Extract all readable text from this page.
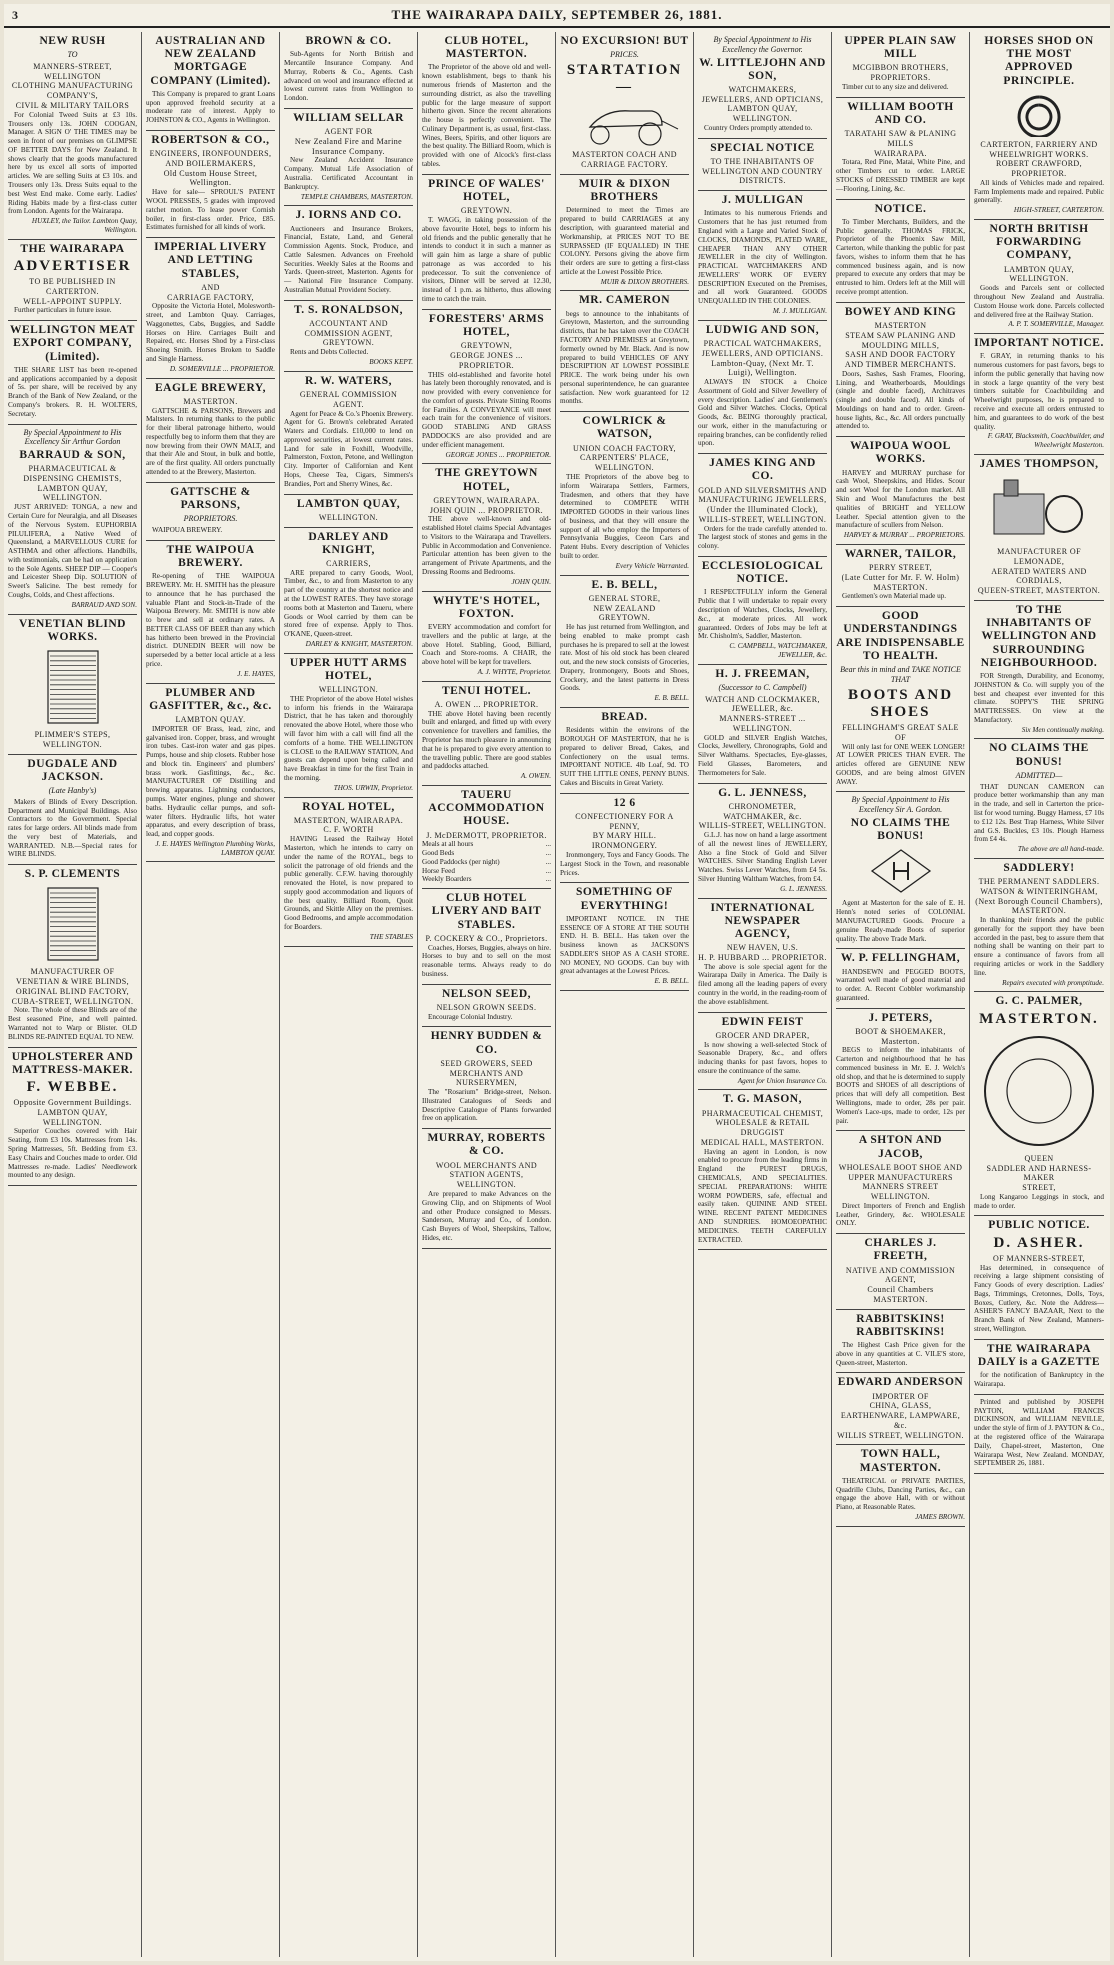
3	THE WAIRARAPA DAILY, SEPTEMBER 26, 1881.
NEW RUSH
TO
MANNERS-STREET,
WELLINGTON
CLOTHING MANUFACTURING COMPANY'S,
CIVIL & MILITARY TAILORS

For Colonial Tweed Suits at £3 10s. Trousers only 13s. JOHN COOGAN, Manager. A SIGN O' THE TIMES may be seen in front of our premises on GLIMPSE OF BETTER DAYS for New Zealand. It shows clearly that the goods manufactured here by us excel all sorts of imported articles. We are selling Suits at £3 10s. and Trousers only 13s. Dress Suits equal to the best West End make. Come early. Ladies' Riding Habits made by a first-class cutter from London. Agents for the Wairarapa.

HUXLEY, the Tailor. Lambton Quay, Wellington.
THE WAIRARAPA
ADVERTISER
TO BE PUBLISHED IN CARTERTON.
WELL-APPOINT SUPPLY.

Further particulars in future issue.

WELLINGTON MEAT EXPORT COMPANY, (Limited).

THE SHARE LIST has been re-opened and applications accompanied by a deposit of 5s. per share, will be received by any Branch of the Bank of New Zealand, or the Company's brokers. R. H. WOLTERS, Secretary.

By Special Appointment to His Excellency Sir Arthur Gordon
BARRAUD & SON,
PHARMACEUTICAL & DISPENSING CHEMISTS,
LAMBTON QUAY, WELLINGTON.

JUST ARRIVED: TONGA, a new and Certain Cure for Neuralgia, and all Diseases of the Nervous System. EUPHORBIA PILULIFERA, a Native Weed of Queensland, a MARVELLOUS CURE for ASTHMA and other affections. Handbills, with testimonials, can be had on application to the Sole Agents. SHEEP DIP — Cooper's and Leicester Sheep Dip. SOLUTION of Sweet's Salicine. The best remedy for Coughs, Colds, and Chest affections.

BARRAUD AND SON.
VENETIAN BLIND WORKS.
PLIMMER'S STEPS, WELLINGTON.
DUGDALE AND JACKSON.
(Late Hanby's)

Makers of Blinds of Every Description. Department and Municipal Buildings. Also Contractors to the Government. Special rates for large orders. All blinds made from the very best of Materials, and WARRANTED. N.B.—Special rates for WIRE BLINDS.

S. P. CLEMENTS
MANUFACTURER OF
VENETIAN & WIRE BLINDS,
ORIGINAL BLIND FACTORY, CUBA-STREET, WELLINGTON.

Note. The whole of these Blinds are of the Best seasoned Pine, and well painted. Warranted not to Warp or Blister. OLD BLINDS RE-PAINTED EQUAL TO NEW.

UPHOLSTERER AND MATTRESS-MAKER.
F. WEBBE.
Opposite Government Buildings. LAMBTON QUAY, WELLINGTON.

Superior Couches covered with Hair Seating, from £3 10s. Mattresses from 14s. Spring Mattresses, 5ft. Bedding from £3. Easy Chairs and Couches made to order. Old Mattresses re-made. Ladies' Needlework mounted to any design.

AUSTRALIAN AND NEW ZEALAND MORTGAGE COMPANY (Limited).

This Company is prepared to grant Loans upon approved freehold security at a moderate rate of interest. Apply to JOHNSTON & CO., Agents in Wellington.

ROBERTSON & CO.,
ENGINEERS, IRONFOUNDERS, AND BOILERMAKERS,
Old Custom House Street, Wellington.

Have for sale— SPROUL'S PATENT WOOL PRESSES, 5 grades with improved ratchet motion. To lease power Cornish boiler, in first-class order. Price, £85. Estimates furnished for all kinds of work.

IMPERIAL LIVERY AND LETTING STABLES,
AND
CARRIAGE FACTORY,

Opposite the Victoria Hotel, Molesworth-street, and Lambton Quay. Carriages, Waggonettes, Cabs, Buggies, and Saddle Horses on Hire. Carriages Built and Repaired, etc. Horses Shod by a First-class Shoeing Smith. Horses Broken to Saddle and Single Harness.

D. SOMERVILLE ... PROPRIETOR.
EAGLE BREWERY,
MASTERTON.

GATTSCHE & PARSONS, Brewers and Maltsters. In returning thanks to the public for their liberal patronage hitherto, would respectfully beg to inform them that they are now brewing from their OWN MALT, and that their Ale and Stout, in bulk and bottle, are of the first quality. All orders punctually attended to at the Brewery, Masterton.

GATTSCHE & PARSONS,
PROPRIETORS.

WAIPOUA BREWERY.

THE WAIPOUA BREWERY.

Re-opening of THE WAIPOUA BREWERY. Mr. H. SMITH has the pleasure to announce that he has purchased the valuable Plant and Stock-in-Trade of the Waipoua Brewery. Mr. SMITH is now able to brew and sell at ordinary rates. A BETTER CLASS OF BEER than any which has hitherto been brewed in the Provincial district. DUNEDIN BEER will now be superseded by a better local article at a less price.

J. E. HAYES,
PLUMBER AND GASFITTER, &c., &c.
LAMBTON QUAY.

IMPORTER OF Brass, lead, zinc, and galvanised iron. Copper, brass, and wrought iron tubes. Cast-iron water and gas pipes. Pumps, house and ship closets. Rubber hose and block tin. Engineers' and plumbers' brass work. Gasfittings, &c., &c. MANUFACTURER OF Distilling and brewing apparatus. Lightning conductors, pumps. Water engines, plunge and shower baths. Hydraulic cellar pumps, and soft-water filters. Hydraulic lifts, hot water apparatus, and every description of brass, lead, and copper goods.

J. E. HAYES Wellington Plumbing Works, LAMBTON QUAY.
BROWN & CO.

Sub-Agents for North British and Mercantile Insurance Company. And Murray, Roberts & Co., Agents. Cash advanced on wool and insurance effected at lowest current rates from Wellington to London.

WILLIAM SELLAR
AGENT FOR
New Zealand Fire and Marine Insurance Company.

New Zealand Accident Insurance Company. Mutual Life Association of Australia. Certificated Accountant in Bankruptcy.

TEMPLE CHAMBERS, MASTERTON.
J. IORNS AND CO.

Auctioneers and Insurance Brokers, Financial, Estate, Land, and General Commission Agents. Stock, Produce, and Cattle Salesmen. Advances on Freehold Securities. Weekly Sales at the Rooms and Yards. Queen-street, Masterton. Agents for— National Fire Insurance Company. Australian Mutual Provident Society.

T. S. RONALDSON,
ACCOUNTANT AND COMMISSION AGENT,
GREYTOWN.

Rents and Debts Collected.

BOOKS KEPT.
R. W. WATERS,
GENERAL COMMISSION AGENT.

Agent for Peace & Co.'s Phoenix Brewery. Agent for G. Brown's celebrated Aerated Waters and Cordials. £10,000 to lend on approved securities, at lowest current rates. Land for sale in Foxhill, Woodville, Palmerston, Foxton, Petone, and Wellington City. Importer of Californian and Kent Hops, Cheese Tea, Cigars, Simmers's Brandies, Port and Sherry Wines, &c.

LAMBTON QUAY,
WELLINGTON.
DARLEY AND KNIGHT,
CARRIERS,

ARE prepared to carry Goods, Wool, Timber, &c., to and from Masterton to any part of the country at the shortest notice and at the LOWEST RATES. They have storage rooms both at Masterton and Taueru, where Goods or Wool carried by them can be stored free of expense. Apply to Thos. O'KANE, Queen-street.

DARLEY & KNIGHT, MASTERTON.
UPPER HUTT ARMS HOTEL,
WELLINGTON.

THE Proprietor of the above Hotel wishes to inform his friends in the Wairarapa District, that he has taken and thoroughly renovated the above Hotel, where those who will favor him with a call will find all the comforts of a home. THE WELLINGTON is CLOSE to the RAILWAY STATION, And guests can depend upon being called and have Breakfast in time for the first Train in the morning.

THOS. URWIN, Proprietor.
ROYAL HOTEL,
MASTERTON, WAIRARAPA.
C. F. WORTH

HAVING Leased the Railway Hotel Masterton, which he intends to carry on under the name of the ROYAL, begs to solicit the patronage of old friends and the public generally. C.F.W. having thoroughly renovated the Hotel, is now prepared to supply good accommodation and liquors of the best quality. Billiard Room, Quoit Grounds, and Skittle Alley on the premises. Good Bedrooms, and ample accommodation for Boarders.

THE STABLES
CLUB HOTEL, MASTERTON.

The Proprietor of the above old and well-known establishment, begs to thank his numerous friends of Masterton and the surrounding district, as also the travelling public for the large measure of support hitherto given. Since the recent alterations the house is perfectly convenient. The Culinary Department is, as usual, first-class. Wines, Beers, Spirits, and other liquors are the best quality. The Billiard Room, which is provided with one of Alcock's first-class tables.

PRINCE OF WALES' HOTEL,
GREYTOWN.

T. WAGG, in taking possession of the above favourite Hotel, begs to inform his old friends and the public generally that he intends to conduct it in such a manner as will gain him as large a share of public patronage as was accorded to his predecessor. To suit the convenience of visitors, Dinner will be served at 12.30, instead of 1 p.m. as hitherto, thus allowing time to catch the train.

FORESTERS' ARMS HOTEL,
GREYTOWN,
GEORGE JONES ... PROPRIETOR.

THIS old-established and favorite hotel has lately been thoroughly renovated, and is now provided with every convenience for the comfort of guests. Private Sitting Rooms for Families. A CONVEYANCE will meet each train for the convenience of visitors. GOOD STABLING AND GRASS PADDOCKS are also provided and are under efficient management.

GEORGE JONES ... PROPRIETOR.
THE GREYTOWN HOTEL,
GREYTOWN, WAIRARAPA.
JOHN QUIN ... PROPRIETOR.

THE above well-known and old-established Hotel claims Special Advantages to Visitors to the Wairarapa and Travellers. Public in Accommodation and Convenience. Particular attention has been given to the arrangement of Private Apartments, and the Dressing Rooms and Bedrooms.

JOHN QUIN.
WHYTE'S HOTEL, FOXTON.

EVERY accommodation and comfort for travellers and the public at large, at the above Hotel. Stabling, Good, Billiard, Coach and Store-rooms. A CHAIR, the above hotel will be kept for travellers.

A. J. WHYTE, Proprietor.
TENUI HOTEL.
A. OWEN ... PROPRIETOR.

THE above Hotel having been recently built and enlarged, and fitted up with every convenience for travellers and families, the Proprietor has much pleasure in announcing that he is prepared to give every attention to the travelling public. There are good stables and paddocks attached.

A. OWEN.
TAUERU ACCOMMODATION HOUSE.
J. McDERMOTT, PROPRIETOR.
Meals at all hours	...
Good Beds	...
Good Paddocks (per night)	...
Horse Feed	...
Weekly Boarders	...
CLUB HOTEL LIVERY AND BAIT STABLES.
P. COCKERY & CO., Proprietors.

Coaches, Horses, Buggies, always on hire. Horses to buy and to sell on the most reasonable terms. Always ready to do business.

NELSON SEED,
NELSON GROWN SEEDS.

Encourage Colonial Industry.

HENRY BUDDEN & CO.
SEED GROWERS, SEED MERCHANTS AND NURSERYMEN,

The "Rosarium" Bridge-street, Nelson. Illustrated Catalogues of Seeds and Descriptive Catalogue of Plants forwarded free on application.

MURRAY, ROBERTS & CO.
WOOL MERCHANTS AND STATION AGENTS,
WELLINGTON.

Are prepared to make Advances on the Growing Clip, and on Shipments of Wool and other Produce consigned to Messrs. Sanderson, Murray and Co., of London. Cash Buyers of Wool, Sheepskins, Tallow, Hides, etc.

NO EXCURSION! BUT
PRICES.
STARTATION—
MASTERTON COACH AND CARRIAGE FACTORY.
MUIR & DIXON BROTHERS

Determined to meet the Times are prepared to build CARRIAGES at any description, with guaranteed material and Workmanship, at PRICES NOT TO BE SURPASSED (IF EQUALLED) IN THE COLONY. Persons giving the above firm their orders are sure to getting a first-class article at the Lowest Possible Price.

MUIR & DIXON BROTHERS.
MR. CAMERON

begs to announce to the inhabitants of Greytown, Masterton, and the surrounding districts, that he has taken over the COACH FACTORY AND PREMISES at Greytown, formerly owned by Mr. Black. And is now prepared to build VEHICLES OF ANY DESCRIPTION AT LOWEST POSSIBLE PRICE. The work being under his own personal superintendence, he can guarantee satisfaction. New work guaranteed for 12 months.

COWLRICK & WATSON,
UNION COACH FACTORY,
CARPENTERS' PLACE, WELLINGTON.

THE Proprietors of the above beg to inform Wairarapa Settlers, Farmers, Tradesmen, and others that they have determined to COMPETE WITH IMPORTED GOODS in their various lines of business, and that they will ensure the support of all who employ the Importers of Pennsylvania Buggies, Ceeon Cars and Patent Hubs. Every description of Vehicles built to order.

Every Vehicle Warranted.
E. B. BELL,
GENERAL STORE,
NEW ZEALAND
GREYTOWN.

He has just returned from Wellington, and being enabled to make prompt cash purchases he is prepared to sell at the lowest rate. Most of his old stock has been cleared out, and the new stock consists of Groceries, Drapery, Ironmongery, Boots and Shoes, Crockery, and the latest patterns in Dress Goods.

E. B. BELL.
BREAD.

Residents within the environs of the BOROUGH OF MASTERTON, that he is prepared to deliver Bread, Cakes, and Confectionery on the usual terms. IMPORTANT NOTICE. 4lb Loaf, 9d. TO SUIT THE LITTLE ONES, PENNY BUNS. Cakes and Biscuits in Great Variety.

12 6
CONFECTIONERY FOR A PENNY,
BY MARY HILL.
IRONMONGERY.

Ironmongery, Toys and Fancy Goods. The Largest Stock in the Town, and reasonable Prices.

SOMETHING OF EVERYTHING!

IMPORTANT NOTICE. IN THE ESSENCE OF A STORE AT THE SOUTH END. H. B. BELL. Has taken over the business known as JACKSON'S SADDLER'S SHOP AS A CASH STORE. NO MONEY, NO GOODS. Can buy with great advantages at the Lowest Prices.

E. B. BELL.
By Special Appointment to His Excellency the Governor.
W. LITTLEJOHN AND SON,
WATCHMAKERS,
JEWELLERS, AND OPTICIANS,
LAMBTON QUAY, WELLINGTON.

Country Orders promptly attended to.

SPECIAL NOTICE
TO THE INHABITANTS OF WELLINGTON AND COUNTRY DISTRICTS.
J. MULLIGAN

Intimates to his numerous Friends and Customers that he has just returned from England with a Large and Varied Stock of CLOCKS, DIAMONDS, PLATED WARE, CHEAPER THAN ANY OTHER JEWELLER in the city of Wellington. PRACTICAL WATCHMAKERS AND JEWELLERS' WORK OF EVERY DESCRIPTION Executed on the Premises, and all work Guaranteed. GOODS UNEQUALLED IN THE COLONIES.

M. J. MULLIGAN.
LUDWIG AND SON,
PRACTICAL WATCHMAKERS, JEWELLERS, AND OPTICIANS.
Lambton-Quay, (Next Mr. T. Luigi), Wellington.

ALWAYS IN STOCK a Choice Assortment of Gold and Silver Jewellery of every description. Ladies' and Gentlemen's Gold and Silver Watches. Clocks, Optical Goods, &c. BEING thoroughly practical, our work, either in the manufacturing or repairing branches, can be confidently relied upon.

JAMES KING AND CO.
GOLD AND SILVERSMITHS AND MANUFACTURING JEWELLERS,
(Under the Illuminated Clock), WILLIS-STREET, WELLINGTON.

Orders for the trade carefully attended to. The largest stock of stones and gems in the colony.

ECCLESIOLOGICAL NOTICE.

I RESPECTFULLY inform the General Public that I will undertake to repair every description of Watches, Clocks, Jewellery, &c., at moderate prices. All work guaranteed. Orders of Jobs may be left at Mr. Chisholm's, Saddler, Masterton.

C. CAMPBELL, WATCHMAKER, JEWELLER, &c.
H. J. FREEMAN,
(Successor to C. Campbell)
WATCH AND CLOCKMAKER, JEWELLER, &c.
MANNERS-STREET ... WELLINGTON.

GOLD and SILVER English Watches, Clocks, Jewellery, Chronographs, Gold and Silver Walthams. Spectacles, Eye-glasses, Field Glasses, Barometers, and Thermometers for Sale.

G. L. JENNESS,
CHRONOMETER, WATCHMAKER, &c.
WILLIS-STREET, WELLINGTON.

G.L.J. has now on hand a large assortment of all the newest lines of JEWELLERY, Also a fine Stock of Gold and Silver WATCHES. Silver Standing English Lever Watches. Swiss Lever Watches, from £4 5s. Silver Hunting Waltham Watches, from £4.

G. L. JENNESS.
INTERNATIONAL NEWSPAPER AGENCY,
NEW HAVEN, U.S.
H. P. HUBBARD ... PROPRIETOR.

The above is sole special agent for the Wairarapa Daily in America. The Daily is filed among all the leading papers of every country in the world, in the reading-room of the above establishment.

EDWIN FEIST
GROCER AND DRAPER,

Is now showing a well-selected Stock of Seasonable Drapery, &c., and offers inducing thanks for past favors, hopes to ensure the continuance of the same.

Agent for Union Insurance Co.
T. G. MASON,
PHARMACEUTICAL CHEMIST, WHOLESALE & RETAIL DRUGGIST
MEDICAL HALL, MASTERTON.

Having an agent in London, is now enabled to procure from the leading firms in England the PUREST DRUGS, CHEMICALS, AND SPECIALITIES. SPECIAL PREPARATIONS: WHITE WORM POWDERS, safe, effectual and easily taken. QUININE AND STEEL WINE. RECENT PATENT MEDICINES AND SUNDRIES. HOMOEOPATHIC MEDICINES. TEETH CAREFULLY EXTRACTED.

UPPER PLAIN SAW MILL
MCGIBBON BROTHERS,
PROPRIETORS.

Timber cut to any size and delivered.

WILLIAM BOOTH AND CO.
TARATAHI SAW & PLANING MILLS
WAIRARAPA.

Totara, Red Pine, Matai, White Pine, and other Timbers cut to order. LARGE STOCKS of DRESSED TIMBER are kept—Flooring, Lining, &c.

NOTICE.

To Timber Merchants, Builders, and the Public generally. THOMAS FRICK, Proprietor of the Phoenix Saw Mill, Carterton, while thanking the public for past favors, wishes to inform them that he has commenced business again, and is now prepared to execute any orders that may be entrusted to him. Orders left at the Mill will receive prompt attention.

BOWEY AND KING
MASTERTON
STEAM SAW PLANING AND MOULDING MILLS,
SASH AND DOOR FACTORY AND TIMBER MERCHANTS.

Doors, Sashes, Sash Frames, Flooring, Lining, and Weatherboards, Mouldings (single and double faced), Architraves (single and double faced). All kinds of Mouldings on hand and to order. Green-house lights, &c., &c. All orders punctually attended to.

WAIPOUA WOOL WORKS.

HARVEY and MURRAY purchase for cash Wool, Sheepskins, and Hides. Scour and sort Wool for the London market. All Skin and Wool Manufactures the best qualities of BRIGHT and YELLOW Leather. Special attention given to the manufacture of scullers from Nelson.

HARVEY & MURRAY ... PROPRIETORS.
WARNER, TAILOR,
PERRY STREET,
(Late Cutter for Mr. F. W. Holm)
MASTERTON.

Gentlemen's own Material made up.

GOOD UNDERSTANDINGS ARE INDISPENSABLE TO HEALTH.
Bear this in mind and TAKE NOTICE THAT
BOOTS AND SHOES
FELLINGHAM'S GREAT SALE OF

Will only last for ONE WEEK LONGER! AT LOWER PRICES THAN EVER. The articles offered are GENUINE NEW GOODS, and are being almost GIVEN AWAY.

By Special Appointment to His Excellency Sir A. Gordon.
NO CLAIMS THE BONUS!

Agent at Masterton for the sale of E. H. Henn's noted series of COLONIAL MANUFACTURED Goods. Procure a genuine Ready-made Boots of superior quality. The above Trade Mark.

W. P. FELLINGHAM,

HANDSEWN and PEGGED BOOTS, warranted well made of good material and to order. A. Recent Cobbler workmanship guaranteed.

J. PETERS,
BOOT & SHOEMAKER,
Masterton.

BEGS to inform the inhabitants of Carterton and neighbourhood that he has commenced business in Mr. E. J. Welch's old shop, and that he is determined to supply BOOTS and SHOES of all descriptions of prices that will defy all competition. Best Wellingtons, made to order, 28s per pair. Women's Lace-ups, made to order, 12s per pair.

A SHTON AND JACOB,
WHOLESALE BOOT SHOE AND UPPER MANUFACTURERS
MANNERS STREET WELLINGTON.

Direct Importers of French and English Leather, Grindery, &c. WHOLESALE ONLY.

CHARLES J. FREETH,
NATIVE AND COMMISSION AGENT,
Council Chambers
MASTERTON.
RABBITSKINS! RABBITSKINS!

The Highest Cash Price given for the above in any quantities at C. VILE'S store, Queen-street, Masterton.

EDWARD ANDERSON
IMPORTER OF
CHINA, GLASS, EARTHENWARE, LAMPWARE, &c.
WILLIS STREET, WELLINGTON.
TOWN HALL, MASTERTON.

THEATRICAL or PRIVATE PARTIES, Quadrille Clubs, Dancing Parties, &c., can engage the above Hall, with or without Piano, at Reasonable Rates.

JAMES BROWN.
HORSES SHOD ON THE MOST APPROVED PRINCIPLE.
CARTERTON, FARRIERY AND WHEELWRIGHT WORKS.
ROBERT CRAWFORD,
PROPRIETOR.

All kinds of Vehicles made and repaired. Farm Implements made and repaired. Public generally.

HIGH-STREET, CARTERTON.
NORTH BRITISH FORWARDING COMPANY,
LAMBTON QUAY, WELLINGTON.

Goods and Parcels sent or collected throughout New Zealand and Australia. Custom House work done. Parcels collected and delivered free at the Railway Station.

A. P. T. SOMERVILLE, Manager.
IMPORTANT NOTICE.

F. GRAY, in returning thanks to his numerous customers for past favors, begs to inform the public generally that having now in stock a large quantity of the very best timbers suitable for Coachbuilding and Wheelwright purposes, he is prepared to receive and execute all orders entrusted to him, and guarantees to do work of the best quality.

F. GRAY, Blacksmith, Coachbuilder, and Wheelwright Masterton.
JAMES THOMPSON,
MANUFACTURER OF
LEMONADE,
AERATED WATERS AND CORDIALS,
QUEEN-STREET, MASTERTON.
TO THE INHABITANTS OF WELLINGTON AND SURROUNDING NEIGHBOURHOOD.

FOR Strength, Durability, and Economy, JOHNSTON & Co. will supply you of the best and cheapest ever invented for this climate. SOPPY'S THE SPRING MATTRESSES. On view at the Manufactory.

Six Men continually making.
NO CLAIMS THE BONUS!
ADMITTED—

THAT DUNCAN CAMERON can produce better workmanship than any man in the trade, and sell in Carterton the price-list for wood turning. Buggy Harness, £7 10s to £12 12s. Best Trap Harness, White Silver and G.S. Buckles, £3 10s. Plough Harness from £4 4s.

The above are all hand-made.
SADDLERY!
THE PERMANENT SADDLERS.
WATSON & WINTERINGHAM,
(Next Borough Council Chambers), MASTERTON.

In thanking their friends and the public generally for the support they have been accorded in the past, beg to assure them that nothing shall be wanting on their part to ensure a continuance of favors from all requiring articles or work in the Saddlery line.

Repairs executed with promptitude.
G. C. PALMER,
MASTERTON.
QUEEN
SADDLER AND HARNESS-MAKER
STREET,

Long Kangaroo Leggings in stock, and made to order.

PUBLIC NOTICE.
D. ASHER.
OF MANNERS-STREET,

Has determined, in consequence of receiving a large shipment consisting of Fancy Goods of every description. Ladies' Bags, Trimmings, Cretonnes, Dolls, Toys, Boxes, Cutlery, &c. Note the Address— ASHER'S FANCY BAZAAR, Next to the Branch Bank of New Zealand, Manners-street, Wellington.

THE WAIRARAPA DAILY is a GAZETTE

for the notification of Bankruptcy in the Wairarapa.

Printed and published by JOSEPH PAYTON, WILLIAM FRANCIS DICKINSON, and WILLIAM NEVILLE, under the style of firm of J. PAYTON & Co., at the registered office of the Wairarapa Daily, Chapel-street, Masterton, One Wairarapa West, New Zealand. MONDAY, SEPTEMBER 26, 1881.
